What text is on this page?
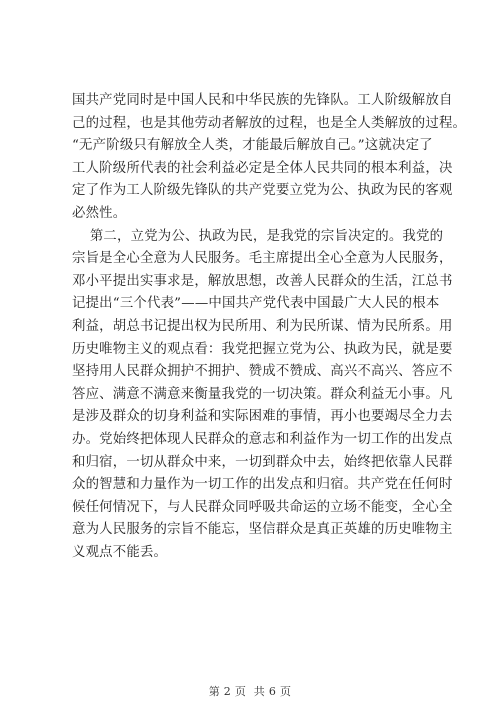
国共产党同时是中国人民和中华民族的先锋队。工人阶级解放自
己的过程，也是其他劳动者解放的过程，也是全人类解放的过程。
“无产阶级只有解放全人类，才能最后解放自己。”这就决定了
工人阶级所代表的社会利益必定是全体人民共同的根本利益，决
定了作为工人阶级先锋队的共产党要立党为公、执政为民的客观
必然性。
第二，立党为公、执政为民，是我党的宗旨决定的。我党的
宗旨是全心全意为人民服务。毛主席提出全心全意为人民服务，
邓小平提出实事求是，解放思想，改善人民群众的生活，江总书
记提出“三个代表”——中国共产党代表中国最广大人民的根本
利益，胡总书记提出权为民所用、利为民所谋、情为民所系。用
历史唯物主义的观点看：我党把握立党为公、执政为民，就是要
坚持用人民群众拥护不拥护、赞成不赞成、高兴不高兴、答应不
答应、满意不满意来衡量我党的一切决策。群众利益无小事。凡
是涉及群众的切身利益和实际困难的事情，再小也要竭尽全力去
办。党始终把体现人民群众的意志和利益作为一切工作的出发点
和归宿，一切从群众中来，一切到群众中去，始终把依靠人民群
众的智慧和力量作为一切工作的出发点和归宿。共产党在任何时
候任何情况下，与人民群众同呼吸共命运的立场不能变，全心全
意为人民服务的宗旨不能忘，坚信群众是真正英雄的历史唯物主
义观点不能丢。
第 2 页  共 6 页
